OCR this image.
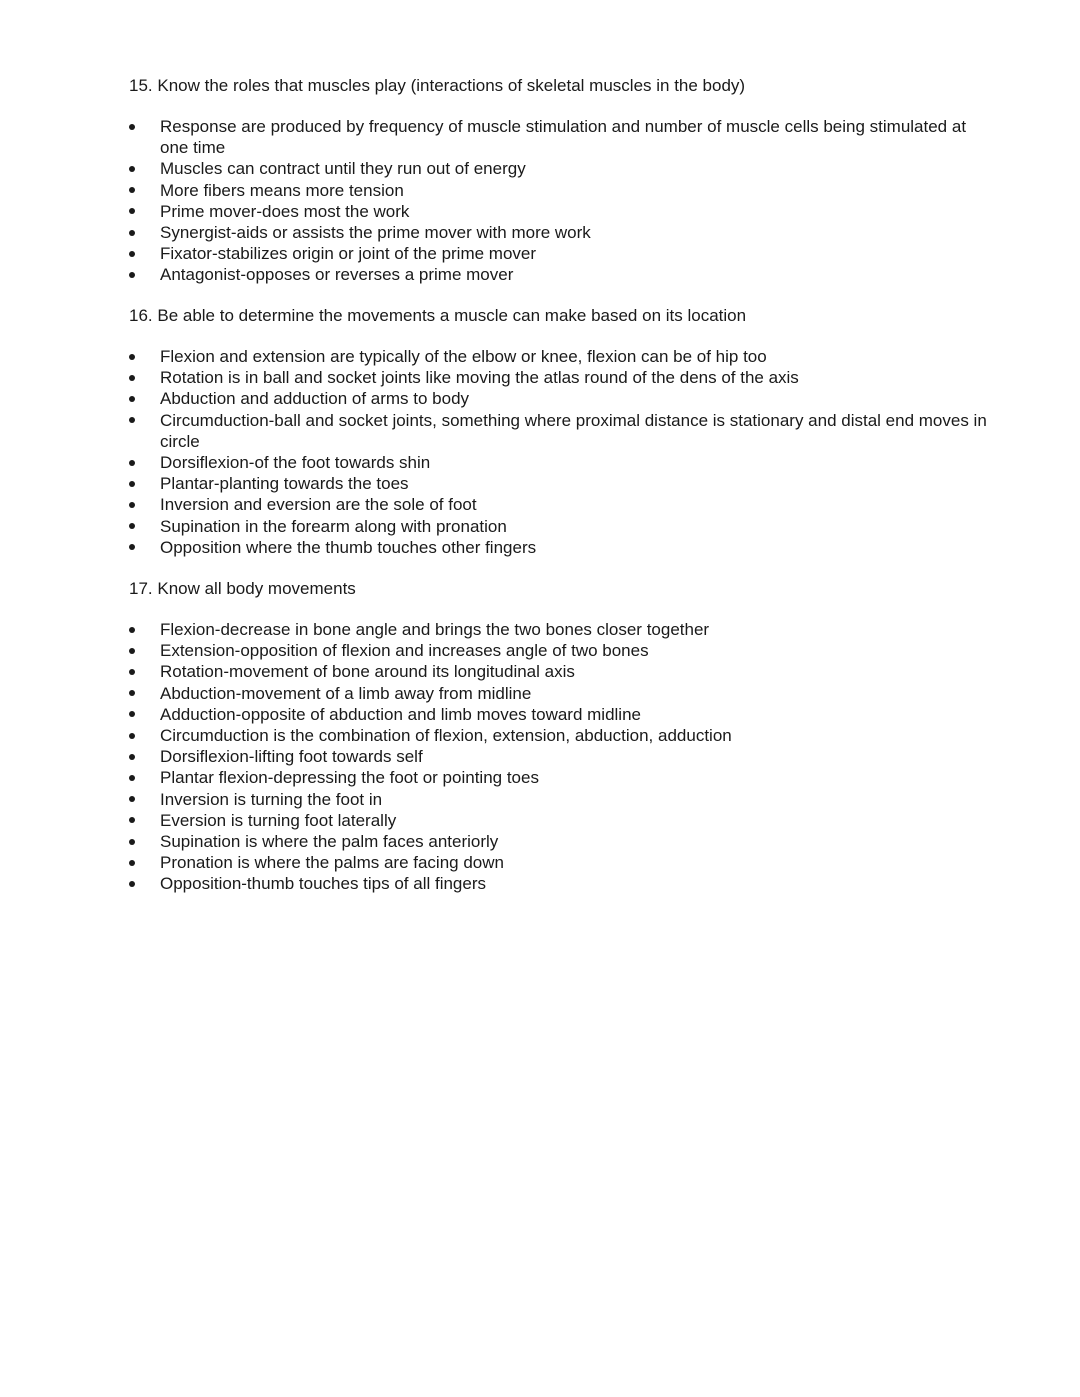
15. Know the roles that muscles play (interactions of skeletal muscles in the body)
Response are produced by frequency of muscle stimulation and number of muscle cells being stimulated at one time
Muscles can contract until they run out of energy
More fibers means more tension
Prime mover-does most the work
Synergist-aids or assists the prime mover with more work
Fixator-stabilizes origin or joint of the prime mover
Antagonist-opposes or reverses a prime mover
16. Be able to determine the movements a muscle can make based on its location
Flexion and extension are typically of the elbow or knee, flexion can be of hip too
Rotation is in ball and socket joints like moving the atlas round of the dens of the axis
Abduction and adduction of arms to body
Circumduction-ball and socket joints, something where proximal distance is stationary and distal end moves in circle
Dorsiflexion-of the foot towards shin
Plantar-planting towards the toes
Inversion and eversion are the sole of foot
Supination in the forearm along with pronation
Opposition where the thumb touches other fingers
17. Know all body movements
Flexion-decrease in bone angle and brings the two bones closer together
Extension-opposition of flexion and increases angle of two bones
Rotation-movement of bone around its longitudinal axis
Abduction-movement of a limb away from midline
Adduction-opposite of abduction and limb moves toward midline
Circumduction is the combination of flexion, extension, abduction, adduction
Dorsiflexion-lifting foot towards self
Plantar flexion-depressing the foot or pointing toes
Inversion is turning the foot in
Eversion is turning foot laterally
Supination is where the palm faces anteriorly
Pronation is where the palms are facing down
Opposition-thumb touches tips of all fingers
